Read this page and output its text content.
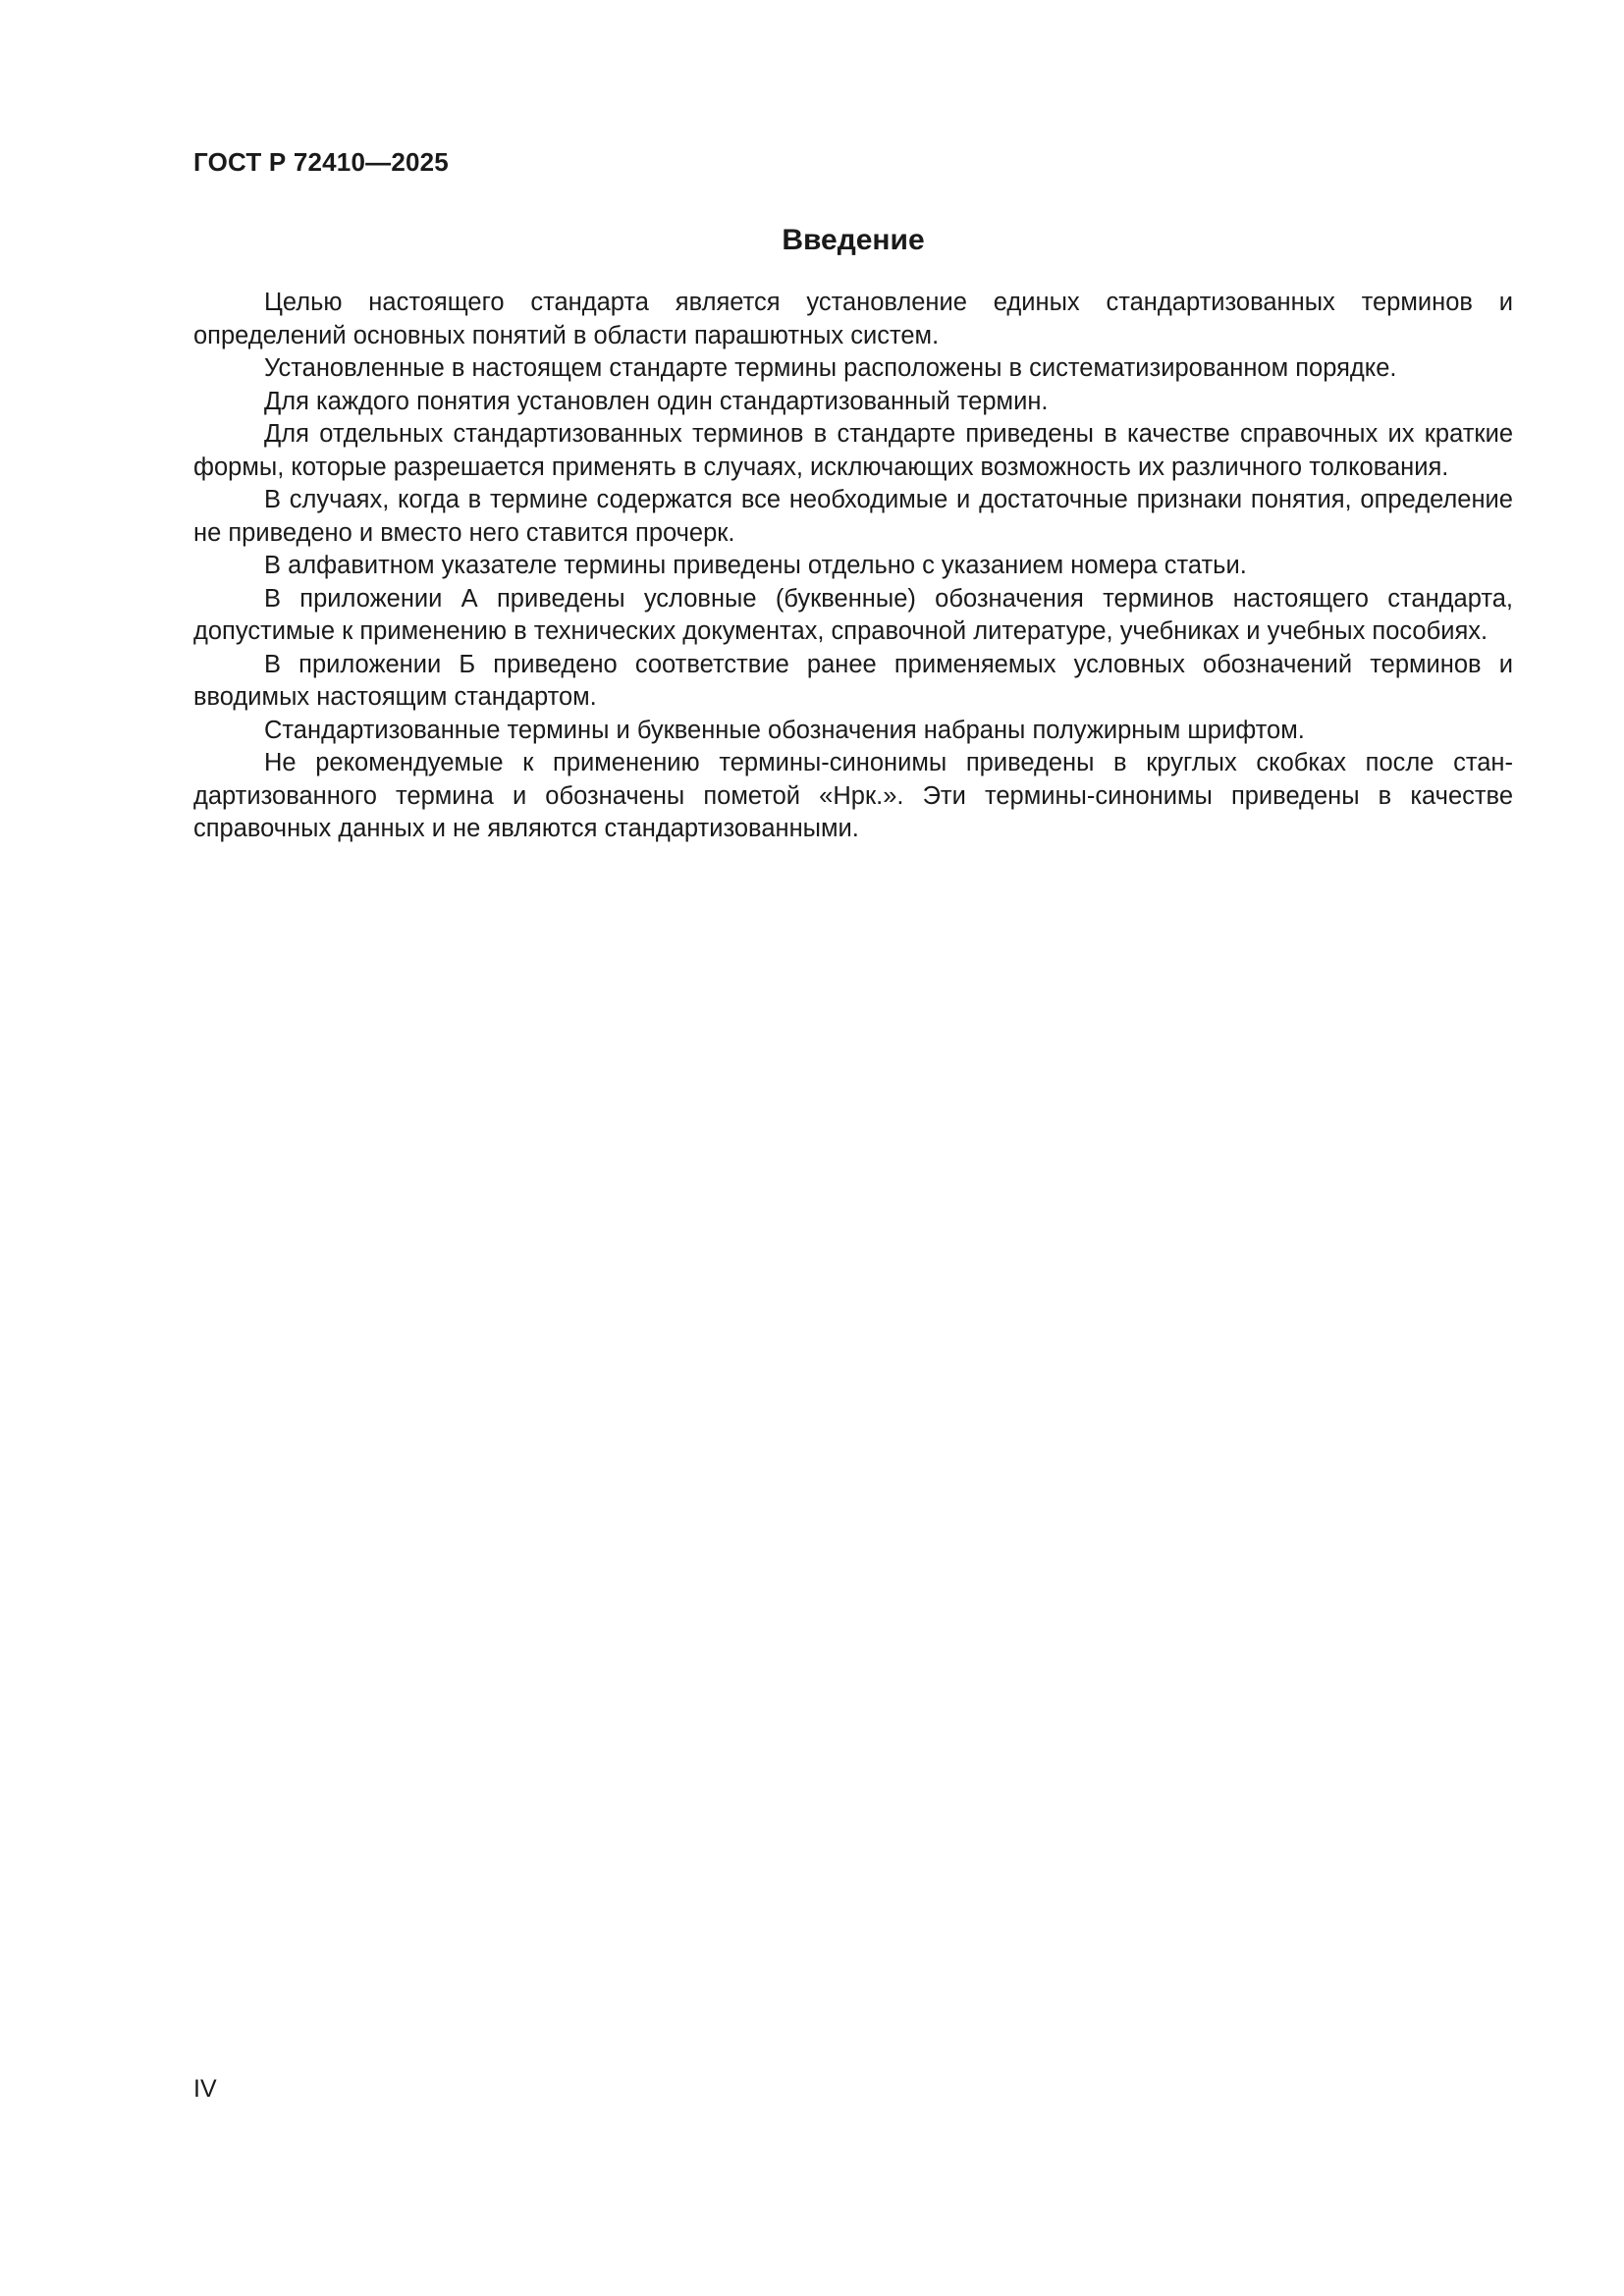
ГОСТ Р 72410—2025
Введение

Целью настоящего стандарта является установление единых стандартизованных терминов и определений основных понятий в области парашютных систем.

Установленные в настоящем стандарте термины расположены в систематизированном порядке.

Для каждого понятия установлен один стандартизованный термин.

Для отдельных стандартизованных терминов в стандарте приведены в качестве справочных их краткие формы, которые разрешается применять в случаях, исключающих возможность их различного толкования.

В случаях, когда в термине содержатся все необходимые и достаточные признаки понятия, определение не приведено и вместо него ставится прочерк.

В алфавитном указателе термины приведены отдельно с указанием номера статьи.

В приложении А приведены условные (буквенные) обозначения терминов настоящего стандарта, допустимые к применению в технических документах, справочной литературе, учебниках и учебных пособиях.

В приложении Б приведено соответствие ранее применяемых условных обозначений терминов и вводимых настоящим стандартом.

Стандартизованные термины и буквенные обозначения набраны полужирным шрифтом.

Не рекомендуемые к применению термины-синонимы приведены в круглых скобках после стандартизованного термина и обозначены пометой «Нрк.». Эти термины-синонимы приведены в качестве справочных данных и не являются стандартизованными.

IV
